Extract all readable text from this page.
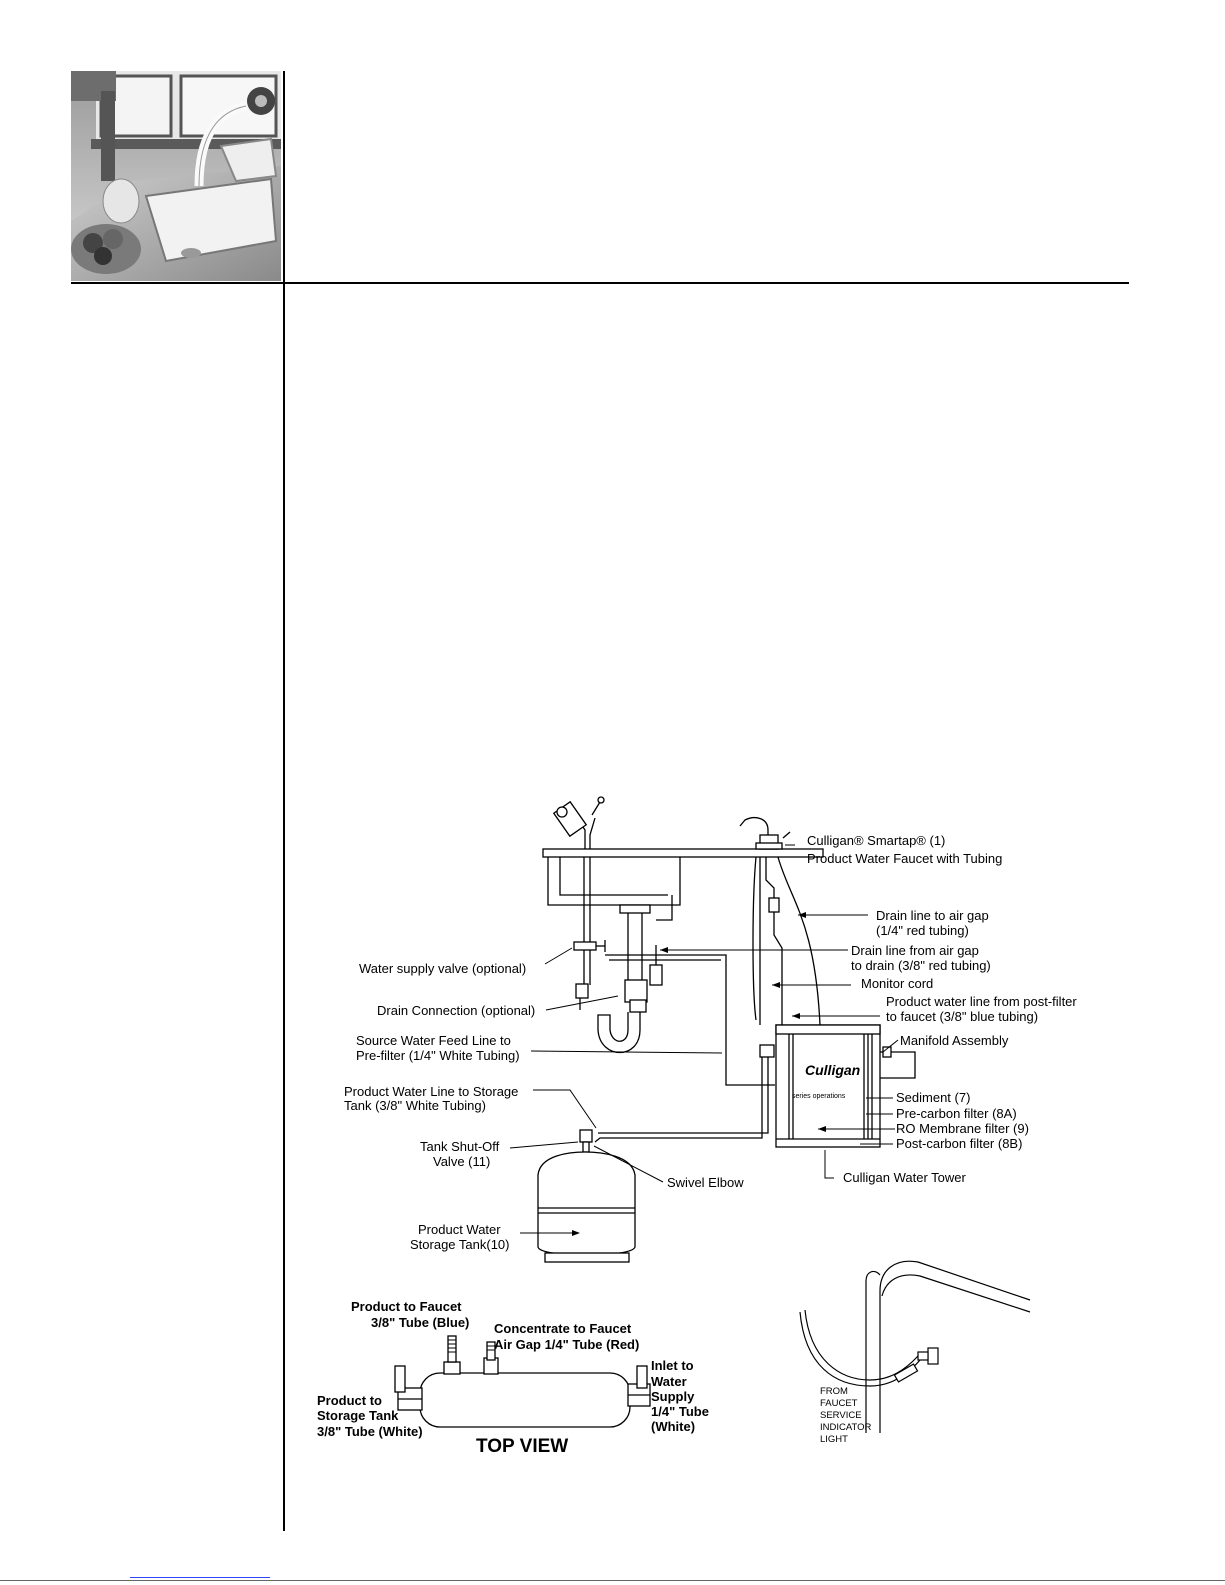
Culligan
series operations
Culligan® Smartap® (1)
Product Water Faucet with Tubing
Drain line to air gap
(1/4" red tubing)
Drain line from air gap
to drain (3/8" red tubing)
Monitor cord
Product water line from post-filter
to faucet (3/8" blue tubing)
Manifold Assembly
Sediment (7)
Pre-carbon filter (8A)
RO Membrane filter (9)
Post-carbon filter (8B)
Culligan Water Tower
Water supply valve (optional)
Drain Connection (optional)
Source Water Feed Line to
Pre-filter (1/4" White Tubing)
Product Water Line to Storage
Tank (3/8" White Tubing)
Tank Shut-Off
Valve (11)
Swivel Elbow
Product Water
Storage Tank(10)
Product to Faucet
3/8" Tube (Blue) Concentrate to Faucet
Air Gap 1/4" Tube (Red)
Inlet to
Water
Supply
1/4" Tube
(White)
Product to
Storage Tank
3/8" Tube (White)
TOP VIEW
FROM
FAUCET
SERVICE
INDICATOR
LIGHT
